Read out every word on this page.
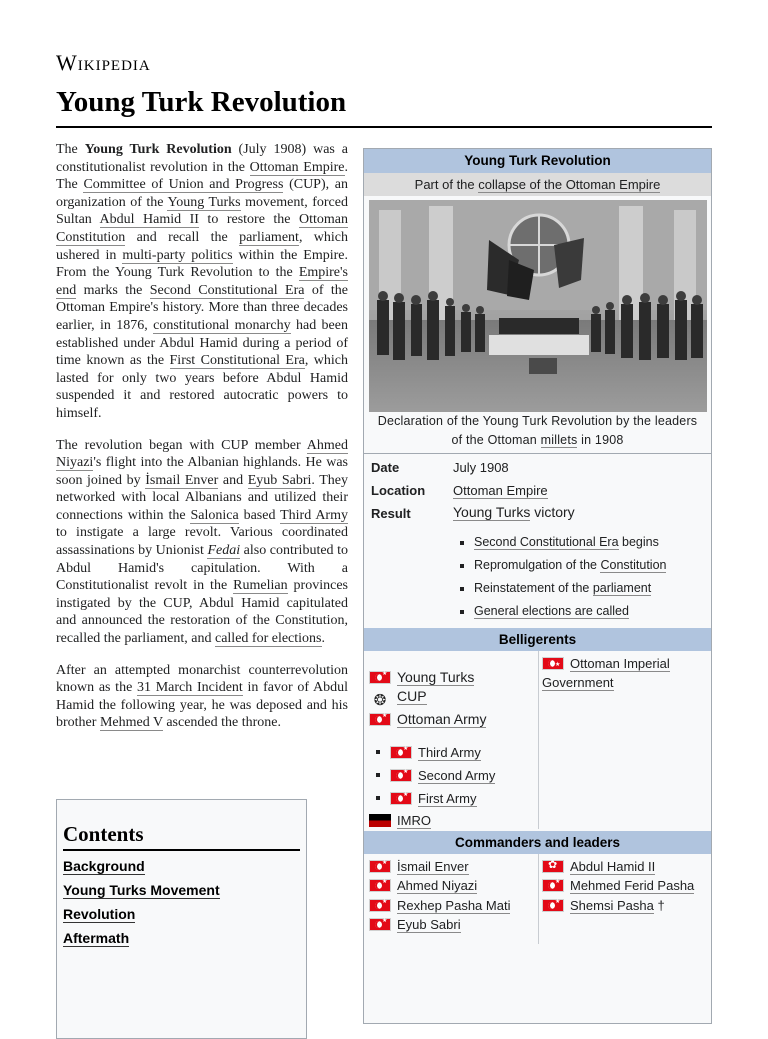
Wikipedia
Young Turk Revolution

The Young Turk Revolution (July 1908) was a constitutionalist revolution in the Ottoman Empire. The Committee of Union and Progress (CUP), an organization of the Young Turks movement, forced Sultan Abdul Hamid II to restore the Ottoman Constitution and recall the parliament, which ushered in multi-party politics within the Empire. From the Young Turk Revolution to the Empire's end marks the Second Constitutional Era of the Ottoman Empire's history. More than three decades earlier, in 1876, constitutional monarchy had been established under Abdul Hamid during a period of time known as the First Constitutional Era, which lasted for only two years before Abdul Hamid suspended it and restored autocratic powers to himself.

The revolution began with CUP member Ahmed Niyazi's flight into the Albanian highlands. He was soon joined by İsmail Enver and Eyub Sabri. They networked with local Albanians and utilized their connections within the Salonica based Third Army to instigate a large revolt. Various coordinated assassinations by Unionist Fedai also contributed to Abdul Hamid's capitulation. With a Constitutionalist revolt in the Rumelian provinces instigated by the CUP, Abdul Hamid capitulated and announced the restoration of the Constitution, recalled the parliament, and called for elections.

After an attempted monarchist counterrevolution known as the 31 March Incident in favor of Abdul Hamid the following year, he was deposed and his brother Mehmed V ascended the throne.

Contents
Background
Young Turks Movement
Revolution
Aftermath
Young Turk Revolution
Part of the collapse of the Ottoman Empire
Declaration of the Young Turk Revolution by the leaders of the Ottoman millets in 1908
Date	July 1908
Location Ottoman Empire
Result	Young Turks victory
Second Constitutional Era begins
Repromulgation of the Constitution
Reinstatement of the parliament
General elections are called
Belligerents
★Young Turks
❂ CUP
★Ottoman Army
★Third Army
★Second Army
★First Army
IMRO
★Ottoman Imperial Government
Commanders and leaders
★İsmail Enver
★Ahmed Niyazi
★Rexhep Pasha Mati
★Eyub Sabri
✿Abdul Hamid II
★Mehmed Ferid Pasha
★Shemsi Pasha †
